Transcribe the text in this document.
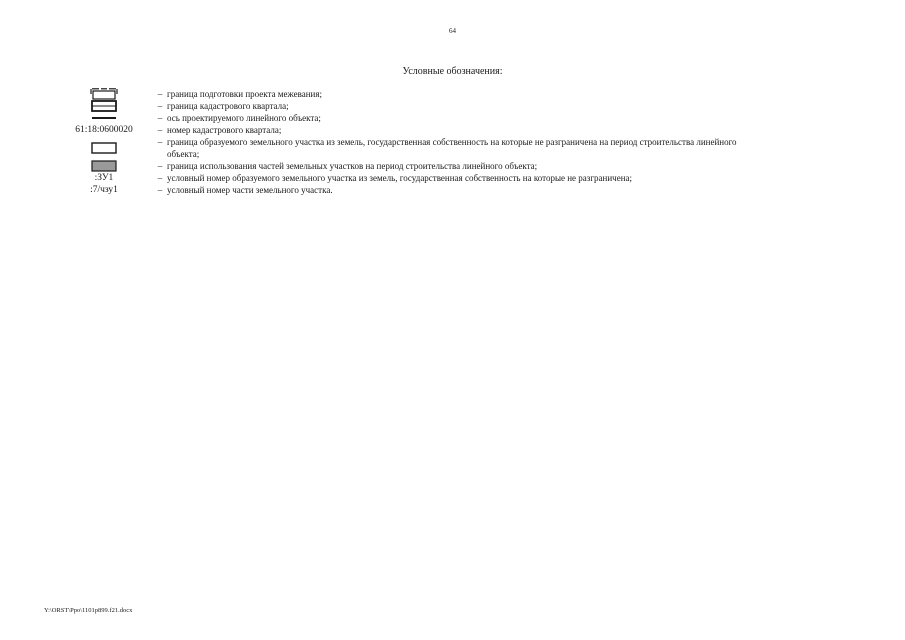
64
Условные обозначения:
– граница подготовки проекта межевания;
– граница кадастрового квартала;
– ось проектируемого линейного объекта;
61:18:0600020	– номер кадастрового квартала;
– граница образуемого земельного участка из земель, государственная собственность на которые не разграничена на период строительства линейного объекта;
– граница использования частей земельных участков на период строительства линейного объекта;
:ЗУ1	– условный номер образуемого земельного участка из земель, государственная собственность на которые не разграничена;
:7/чзу1	– условный номер части земельного участка.
Y:\ORST\Ppo\1101p899.f21.docx
